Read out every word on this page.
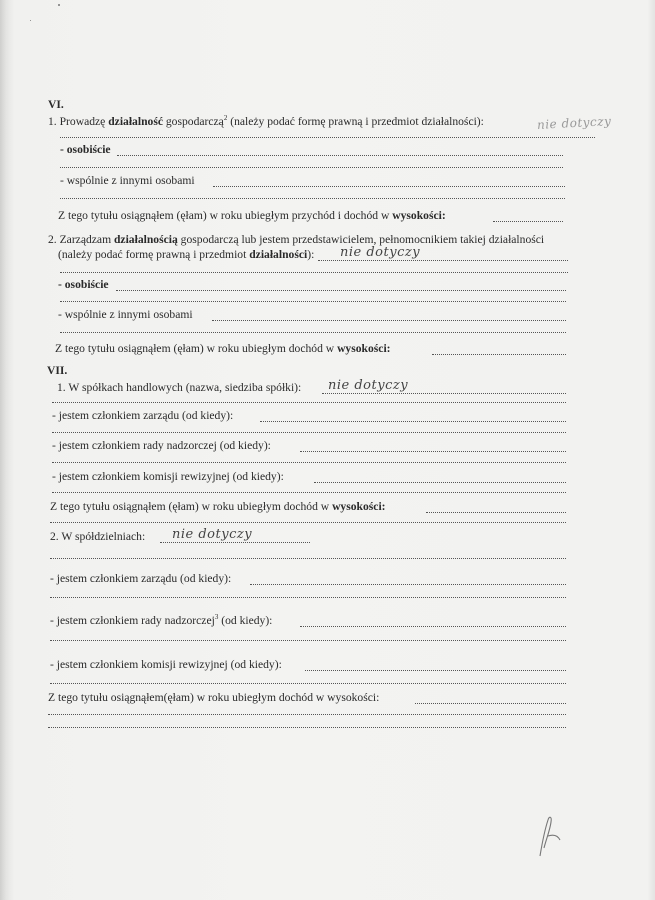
VI.
1. Prowadzę działalność gospodarczą$^2$ (należy podać formę prawną i przedmiot działalności):	nie dotyczy
- osobiście
- wspólnie z innymi osobami
Z tego tytułu osiągnąłem (ęłam) w roku ubiegłym przychód i dochód w wysokości:
2. Zarządzam działalnością gospodarczą lub jestem przedstawicielem, pełnomocnikiem takiej działalności
(należy podać formę prawną i przedmiot działalności): nie dotyczy
- osobiście
- wspólnie z innymi osobami
Z tego tytułu osiągnąłem (ęłam) w roku ubiegłym dochód w wysokości:
VII.
1. W spółkach handlowych (nazwa, siedziba spółki): nie dotyczy
- jestem członkiem zarządu (od kiedy):
- jestem członkiem rady nadzorczej (od kiedy):
- jestem członkiem komisji rewizyjnej (od kiedy):
Z tego tytułu osiągnąłem (ęłam) w roku ubiegłym dochód w wysokości:
2. W spółdzielniach: nie dotyczy
- jestem członkiem zarządu (od kiedy):
- jestem członkiem rady nadzorczej$^3$ (od kiedy):
- jestem członkiem komisji rewizyjnej (od kiedy):
Z tego tytułu osiągnąłem(ęłam) w roku ubiegłym dochód w wysokości:
